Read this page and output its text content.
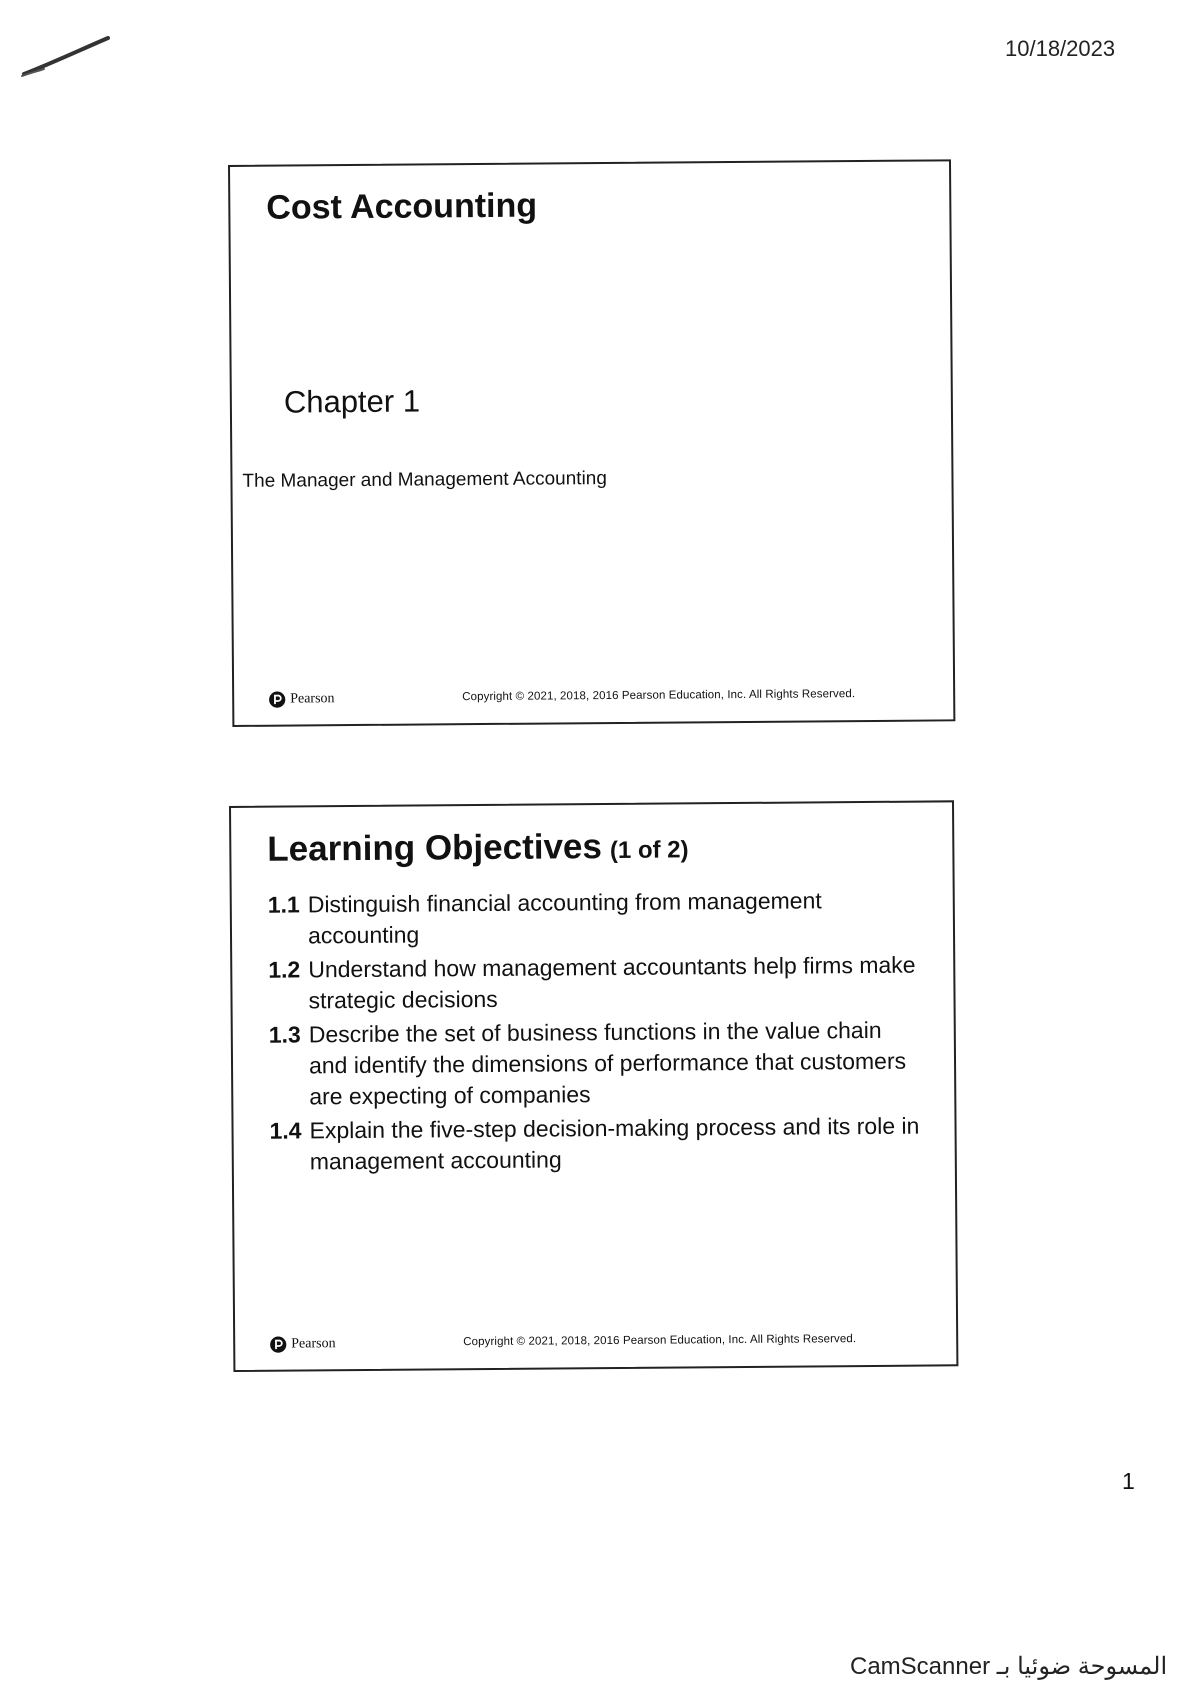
10/18/2023
Cost Accounting
Chapter 1
The Manager and Management Accounting
Pearson	Copyright © 2021, 2018, 2016 Pearson Education, Inc. All Rights Reserved.
Learning Objectives (1 of 2)
1.1 Distinguish financial accounting from management accounting
1.2 Understand how management accountants help firms make strategic decisions
1.3 Describe the set of business functions in the value chain and identify the dimensions of performance that customers are expecting of companies
1.4 Explain the five-step decision-making process and its role in management accounting
Pearson	Copyright © 2021, 2018, 2016 Pearson Education, Inc. All Rights Reserved.
1
CamScanner المسوحة ضوئيا بـ
